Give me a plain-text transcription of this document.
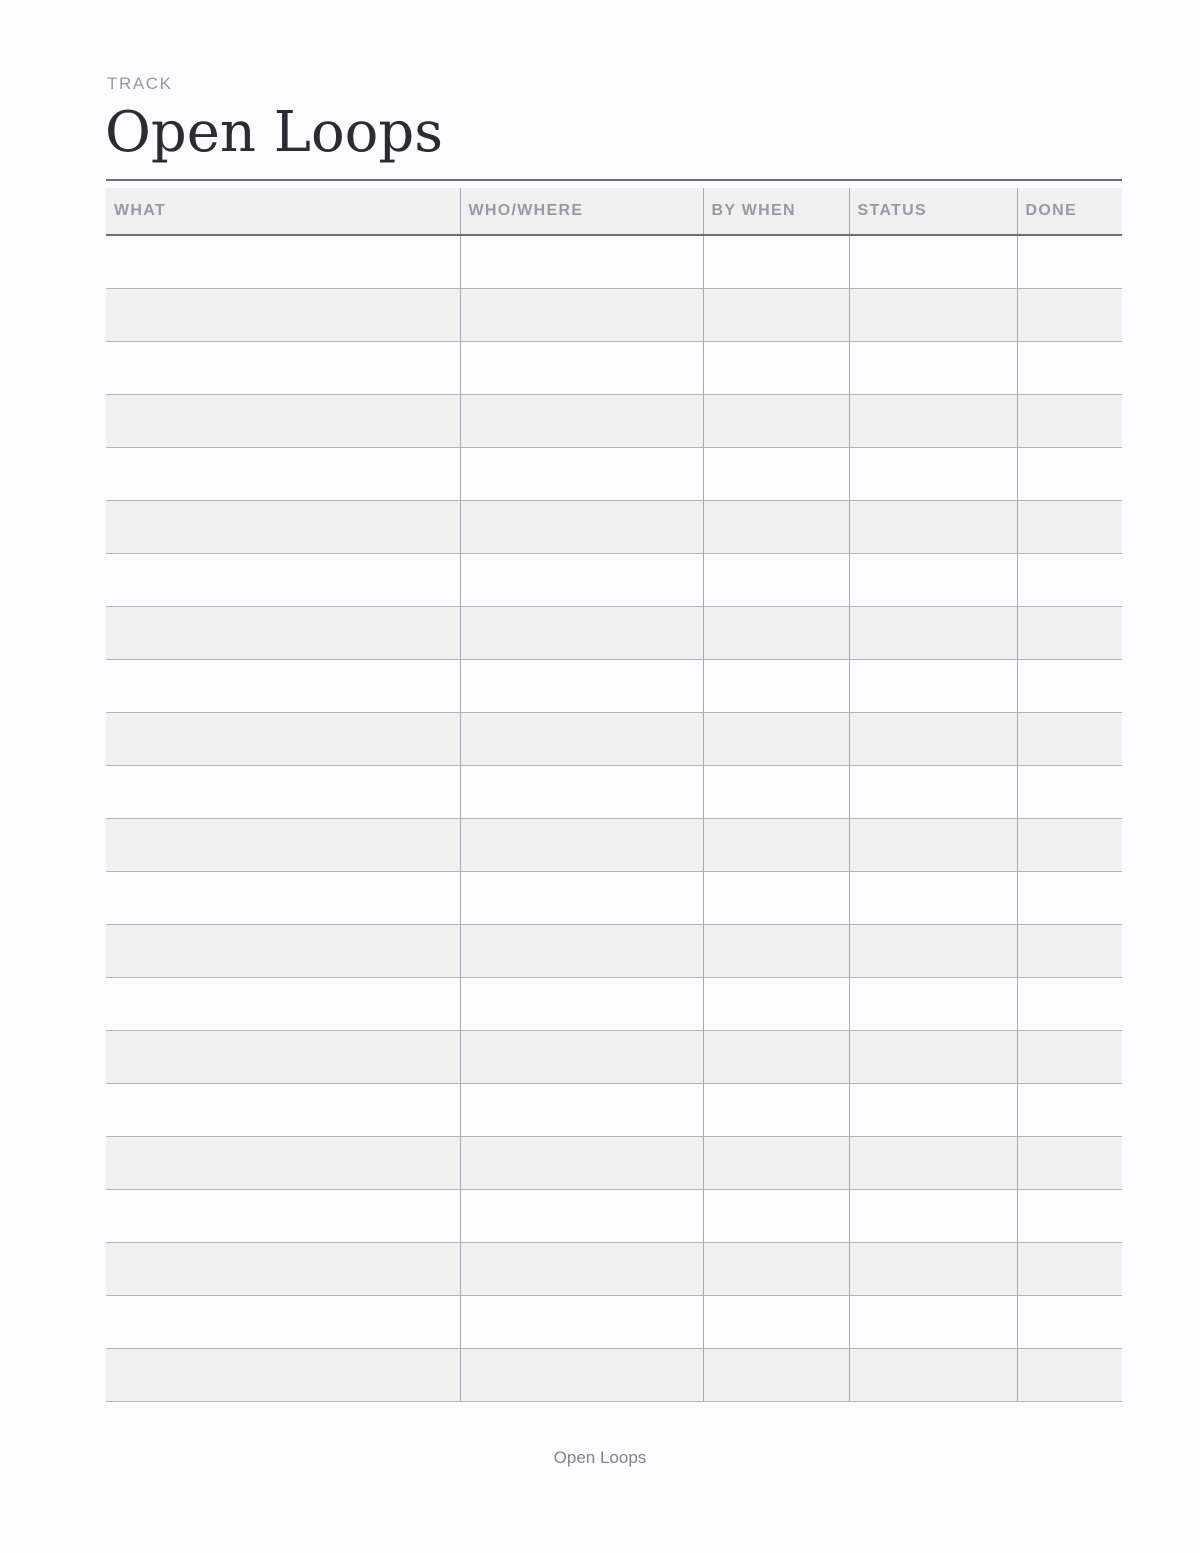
TRACK
Open Loops
WHAT	WHO/WHERE	BY WHEN	STATUS	DONE

Open Loops
